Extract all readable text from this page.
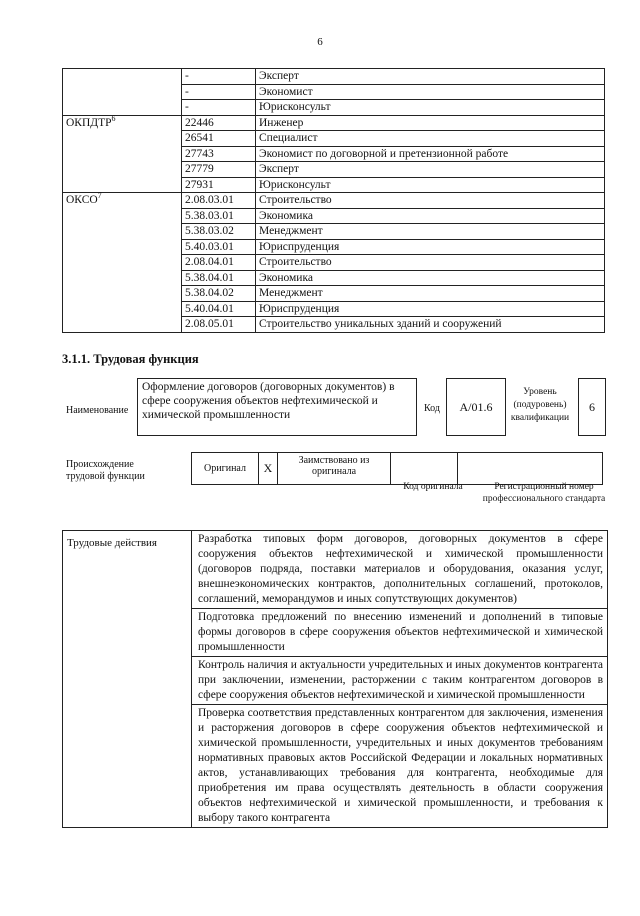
6
	-	Эксперт
	-	Экономист
	-	Юрисконсульт
ОКПДТР$^6$	22446	Инженер
	26541	Специалист
	27743	Экономист по договорной и претензионной работе
	27779	Эксперт
	27931	Юрисконсульт
ОКСО$^7$	2.08.03.01	Строительство
	5.38.03.01	Экономика
	5.38.03.02	Менеджмент
	5.40.03.01	Юриспруденция
	2.08.04.01	Строительство
	5.38.04.01	Экономика
	5.38.04.02	Менеджмент
	5.40.04.01	Юриспруденция
	2.08.05.01	Строительство уникальных зданий и сооружений
3.1.1. Трудовая функция
Наименование
Оформление договоров (договорных документов) в сфере сооружения объектов нефтехимической и химической промышленности
Код	A/01.6
Уровень (подуровень) квалификации
6
Происхождение трудовой функции
Оригинал	X	Заимствовано из оригинала		
Код оригинала	Регистрационный номер профессионального стандарта
Трудовые действия	Разработка типовых форм договоров, договорных документов в сфере сооружения объектов нефтехимической и химической промышленности (договоров подряда, поставки материалов и оборудования, оказания услуг, внешнеэкономических контрактов, дополнительных соглашений, протоколов, соглашений, меморандумов и иных сопутствующих документов)
Подготовка предложений по внесению изменений и дополнений в типовые формы договоров в сфере сооружения объектов нефтехимической и химической промышленности
Контроль наличия и актуальности учредительных и иных документов контрагента при заключении, изменении, расторжении с таким контрагентом договоров в сфере сооружения объектов нефтехимической и химической промышленности
Проверка соответствия представленных контрагентом для заключения, изменения и расторжения договоров в сфере сооружения объектов нефтехимической и химической промышленности, учредительных и иных документов требованиям нормативных правовых актов Российской Федерации и локальных нормативных актов, устанавливающих требования для контрагента, необходимые для приобретения им права осуществлять деятельность в области сооружения объектов нефтехимической и химической промышленности, и требования к выбору такого контрагента
